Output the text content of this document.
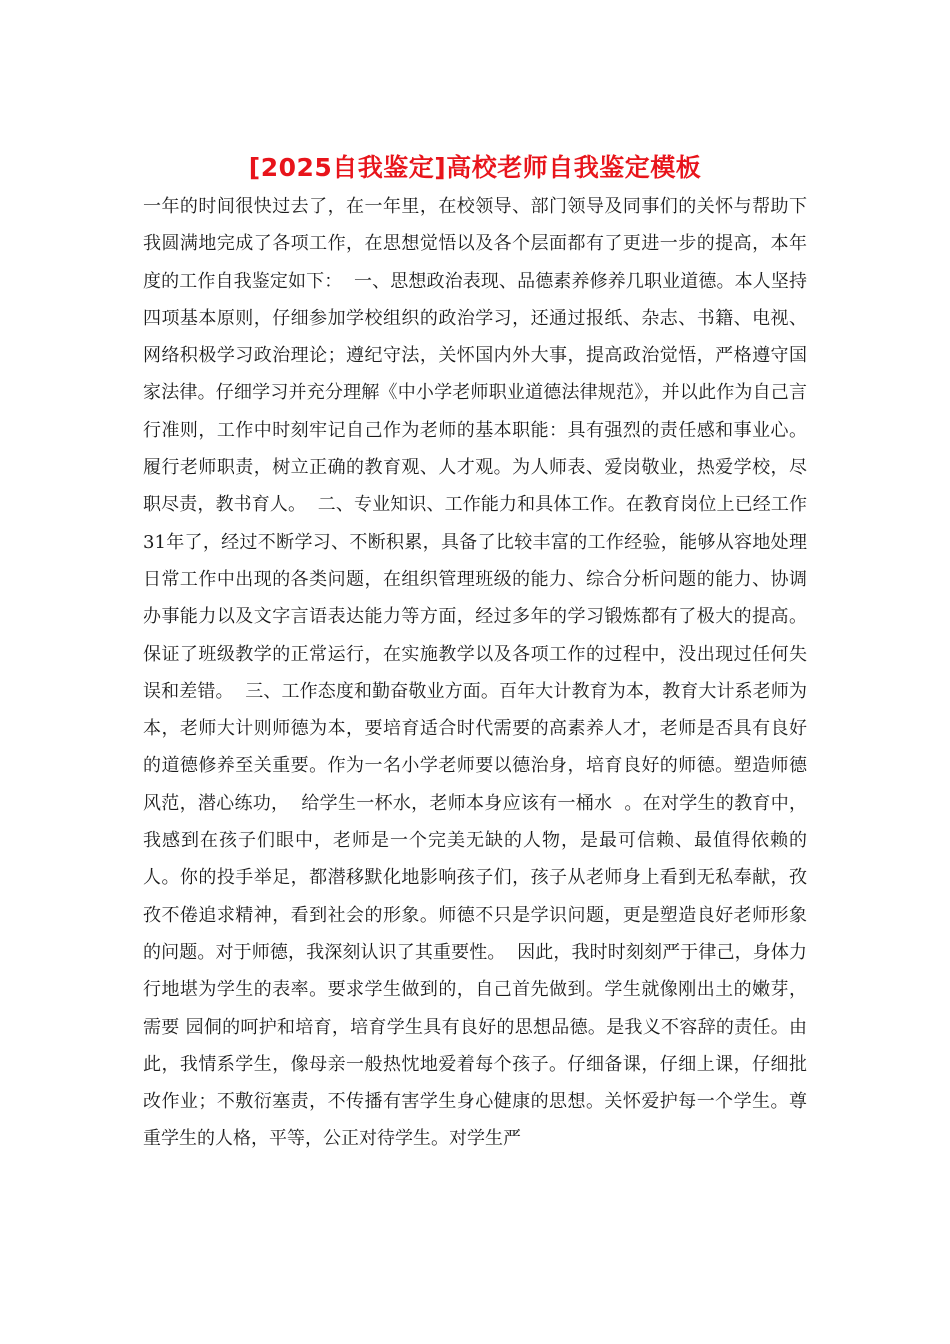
[2025自我鉴定]高校老师自我鉴定模板

一年的时间很快过去了，在一年里，在校领导、部门领导及同事们的关怀与帮助下我圆满地完成了各项工作，在思想觉悟以及各个层面都有了更进一步的提高，本年度的工作自我鉴定如下：  一、思想政治表现、品德素养修养几职业道德。本人坚持四项基本原则，仔细参加学校组织的政治学习，还通过报纸、杂志、书籍、电视、网络积极学习政治理论；遵纪守法，关怀国内外大事，提高政治觉悟，严格遵守国家法律。仔细学习并充分理解《中小学老师职业道德法律规范》，并以此作为自己言行准则，工作中时刻牢记自己作为老师的基本职能：具有强烈的责任感和事业心。履行老师职责，树立正确的教育观、人才观。为人师表、爱岗敬业，热爱学校，尽职尽责，教书育人。  二、专业知识、工作能力和具体工作。在教育岗位上已经工作31年了，经过不断学习、不断积累，具备了比较丰富的工作经验，能够从容地处理日常工作中出现的各类问题，在组织管理班级的能力、综合分析问题的能力、协调办事能力以及文字言语表达能力等方面，经过多年的学习锻炼都有了极大的提高。保证了班级教学的正常运行，在实施教学以及各项工作的过程中，没出现过任何失误和差错。  三、工作态度和勤奋敬业方面。百年大计教育为本，教育大计系老师为本，老师大计则师德为本，要培育适合时代需要的高素养人才，老师是否具有良好的道德修养至关重要。作为一名小学老师要以德治身，培育良好的师德。塑造师德风范，潜心练功，  给学生一杯水，老师本身应该有一桶水  。在对学生的教育中，我感到在孩子们眼中，老师是一个完美无缺的人物，是最可信赖、最值得依赖的人。你的投手举足，都潜移默化地影响孩子们，孩子从老师身上看到无私奉献，孜孜不倦追求精神，看到社会的形象。师德不只是学识问题，更是塑造良好老师形象的问题。对于师德，我深刻认识了其重要性。  因此，我时时刻刻严于律己，身体力行地堪为学生的表率。要求学生做到的，自己首先做到。学生就像刚出土的嫩芽，需要 园侗的呵护和培育，培育学生具有良好的思想品德。是我义不容辞的责任。由此，我情系学生，像母亲一般热忱地爱着每个孩子。仔细备课，仔细上课，仔细批改作业；不敷衍塞责，不传播有害学生身心健康的思想。关怀爱护每一个学生。尊重学生的人格，平等，公正对待学生。对学生严
